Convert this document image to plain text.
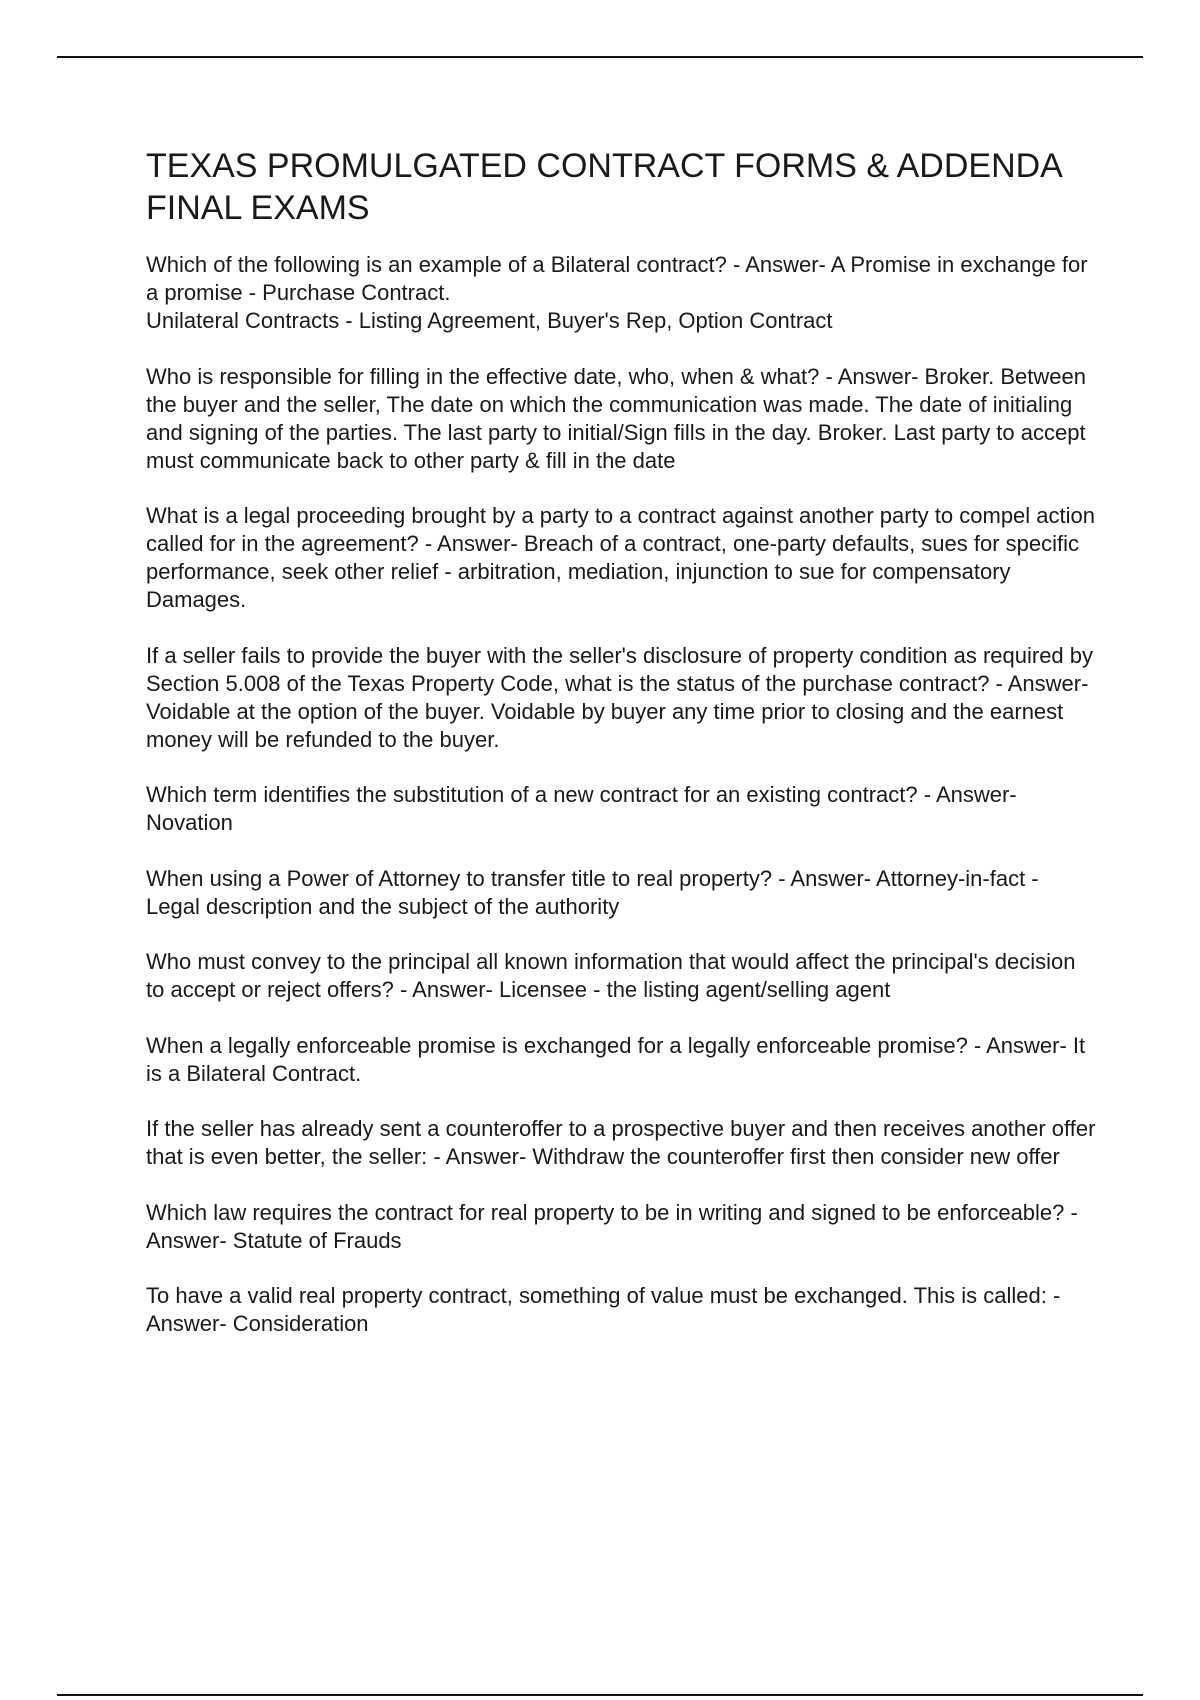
TEXAS PROMULGATED CONTRACT FORMS & ADDENDA FINAL EXAMS

Which of the following is an example of a Bilateral contract? - Answer- A Promise in exchange for a promise - Purchase Contract.
Unilateral Contracts - Listing Agreement, Buyer's Rep, Option Contract

Who is responsible for filling in the effective date, who, when & what? - Answer- Broker. Between the buyer and the seller, The date on which the communication was made. The date of initialing and signing of the parties. The last party to initial/Sign fills in the day. Broker. Last party to accept must communicate back to other party & fill in the date

What is a legal proceeding brought by a party to a contract against another party to compel action called for in the agreement? - Answer- Breach of a contract, one-party defaults, sues for specific performance, seek other relief - arbitration, mediation, injunction to sue for compensatory Damages.

If a seller fails to provide the buyer with the seller's disclosure of property condition as required by Section 5.008 of the Texas Property Code, what is the status of the purchase contract? - Answer- Voidable at the option of the buyer. Voidable by buyer any time prior to closing and the earnest money will be refunded to the buyer.

Which term identifies the substitution of a new contract for an existing contract? - Answer- Novation

When using a Power of Attorney to transfer title to real property? - Answer- Attorney-in-fact - Legal description and the subject of the authority

Who must convey to the principal all known information that would affect the principal's decision to accept or reject offers? - Answer- Licensee - the listing agent/selling agent

When a legally enforceable promise is exchanged for a legally enforceable promise? - Answer- It is a Bilateral Contract.

If the seller has already sent a counteroffer to a prospective buyer and then receives another offer that is even better, the seller: - Answer- Withdraw the counteroffer first then consider new offer

Which law requires the contract for real property to be in writing and signed to be enforceable? - Answer- Statute of Frauds

To have a valid real property contract, something of value must be exchanged. This is called: - Answer- Consideration
